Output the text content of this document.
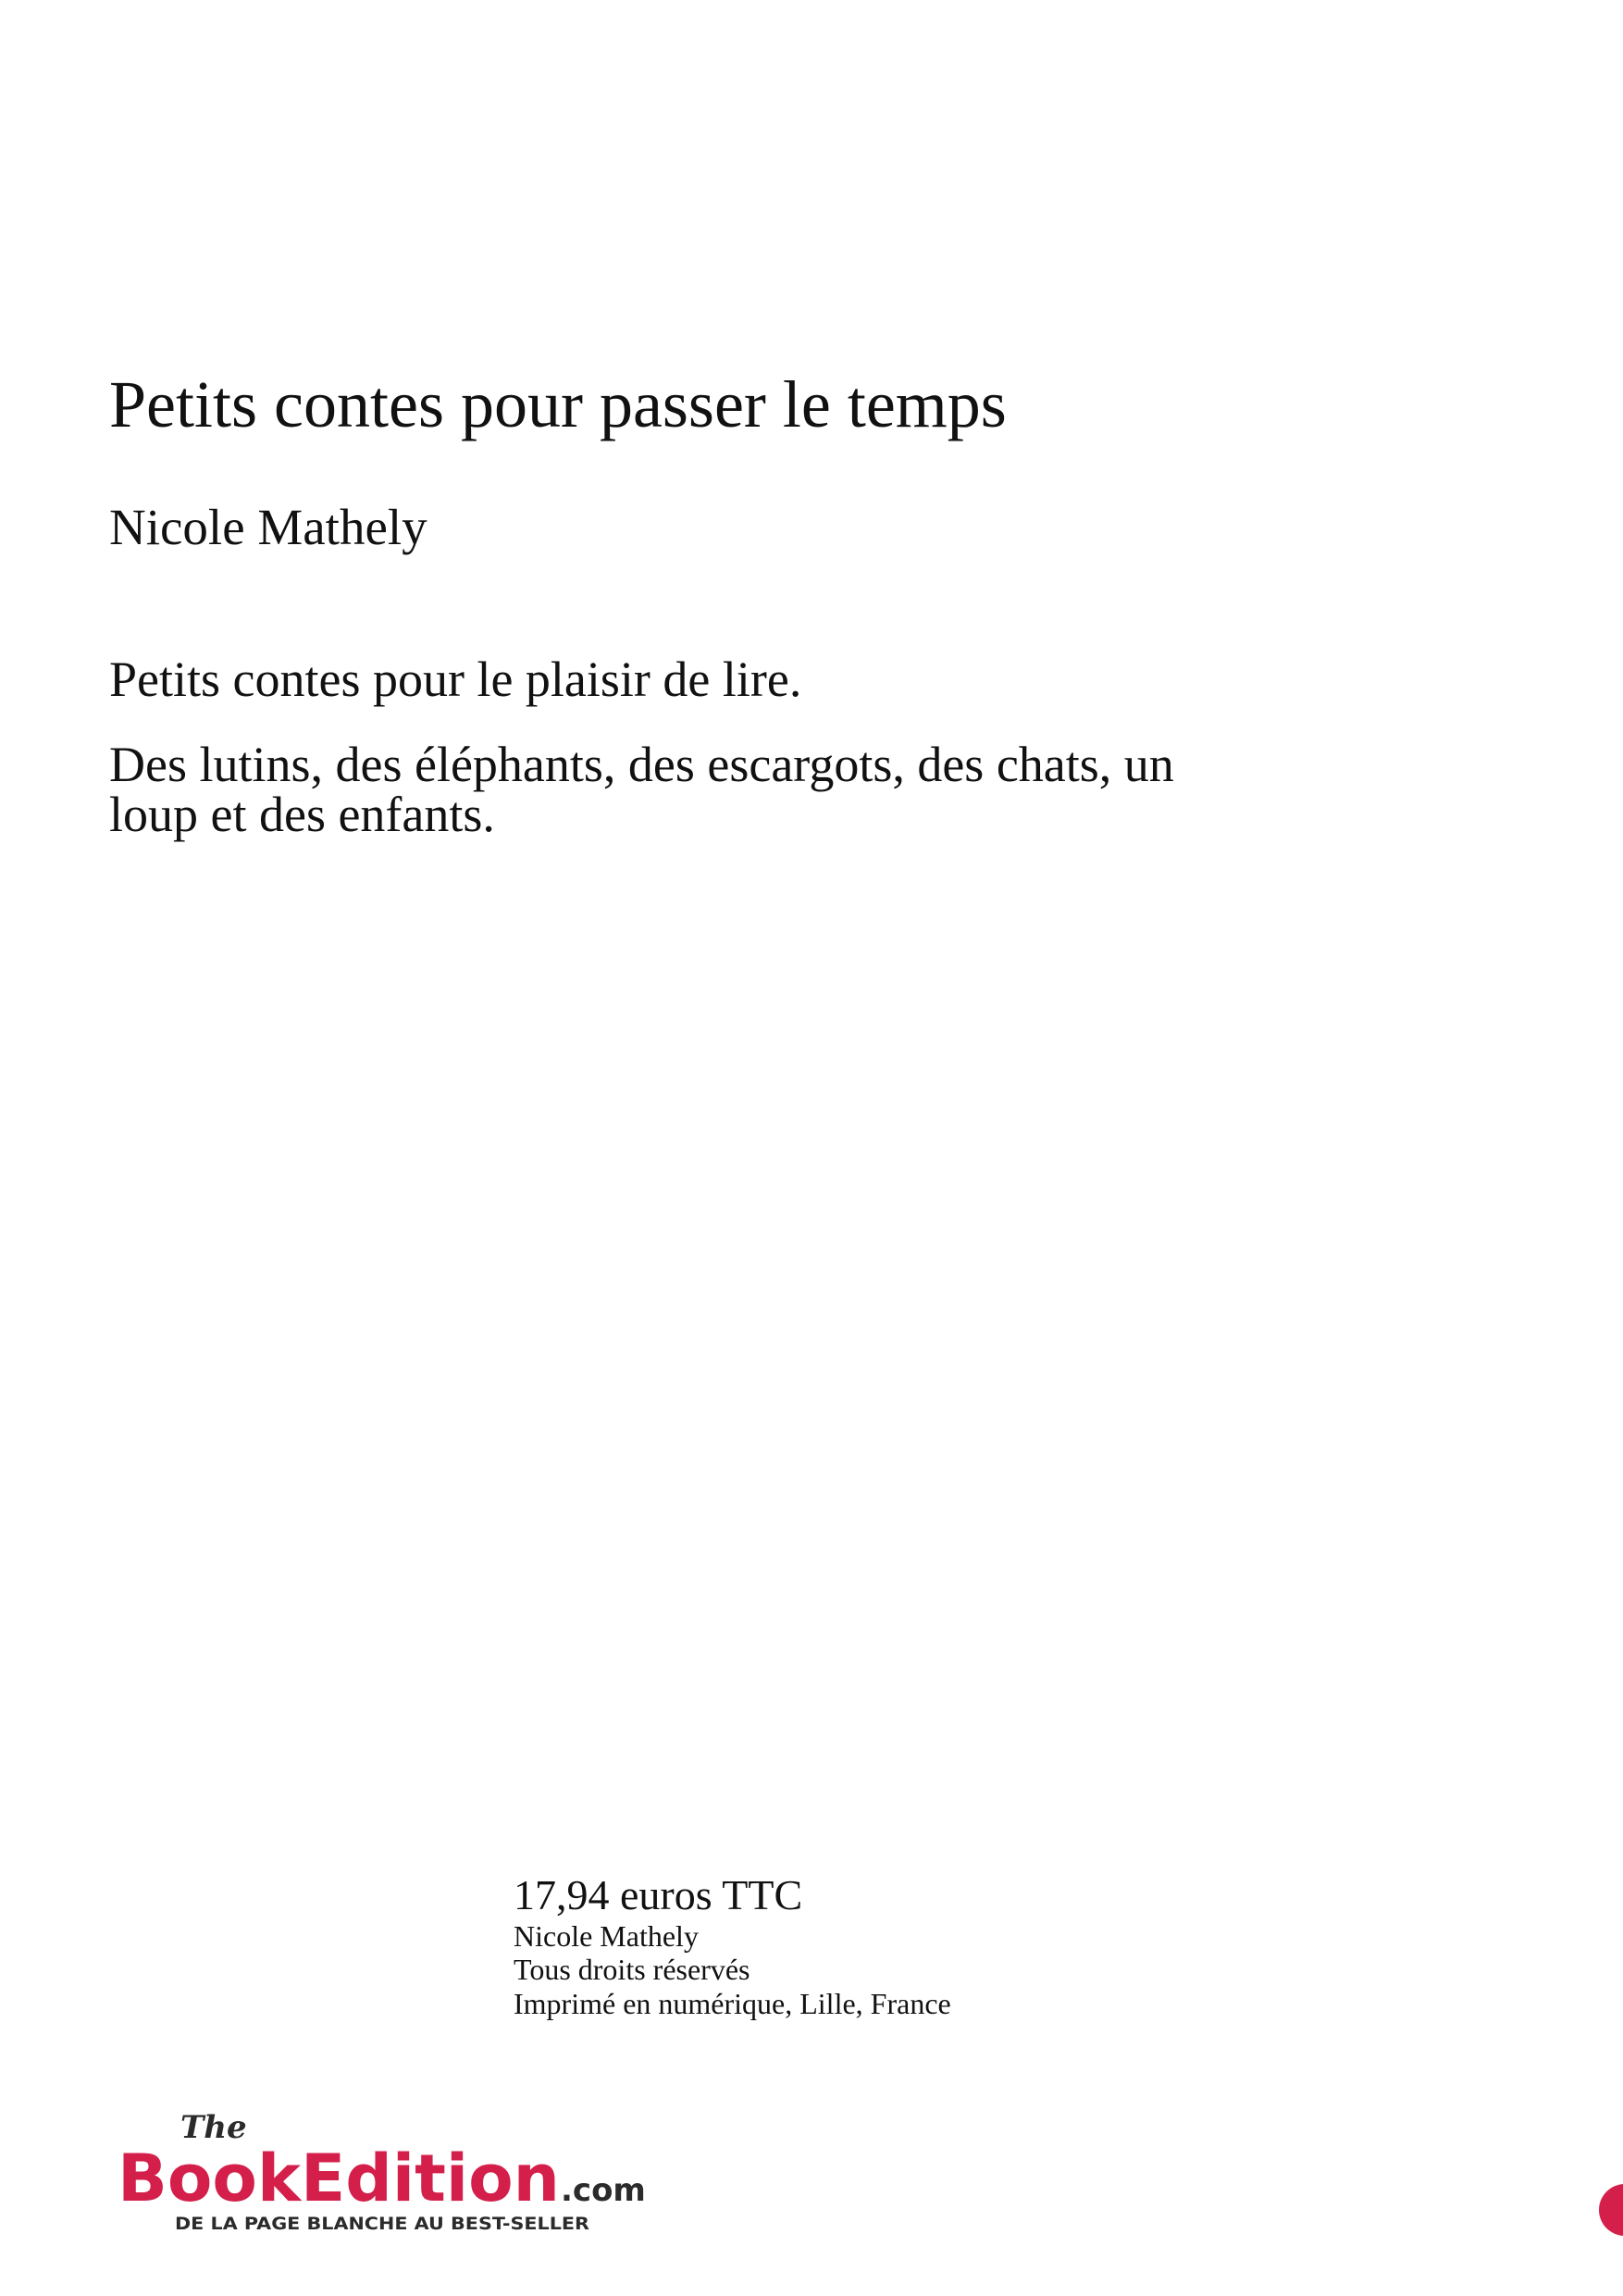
Petits contes pour passer le temps
Nicole Mathely

Petits contes pour le plaisir de lire.

Des lutins, des éléphants, des escargots, des chats, un loup et des enfants.

17,94 euros TTC
Nicole Mathely
Tous droits réservés
Imprimé en numérique, Lille, France
The
BookEdition .com
DE LA PAGE BLANCHE AU BEST-SELLER
